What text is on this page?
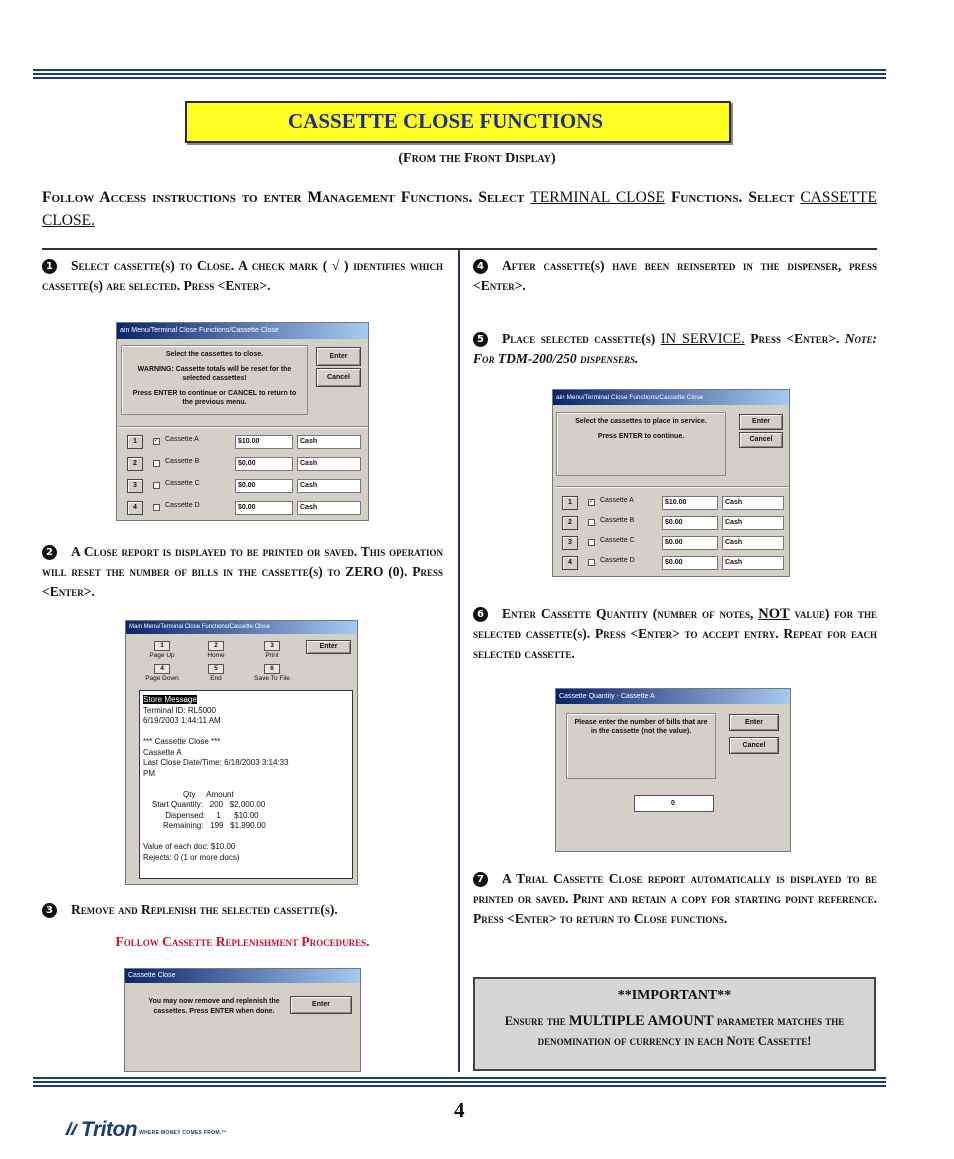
CASSETTE CLOSE FUNCTIONS
(From the Front Display)
Follow Access instructions to enter Management Functions. Select TERMINAL CLOSE Functions. Select CASSETTE CLOSE.
1 Select cassette(s) to Close. A check mark ( √ ) identifies which cassette(s) are selected. Press <Enter>.
ain Menu/Terminal Close Functions/Cassette Close
Select the cassettes to close.
WARNING: Cassette totals will be reset for the selected cassettes!
Press ENTER to continue or CANCEL to return to the previous menu.
Enter
Cancel
1	✓ Cassette A	$10.00	Cash
2	Cassette B	$0.00	Cash
3	Cassette C	$0.00	Cash
4	Cassette D	$0.00	Cash
2 A Close report is displayed to be printed or saved. This operation will reset the number of bills in the cassette(s) to ZERO (0). Press <Enter>.
Main Menu/Terminal Close Functions/Cassette Close
1
Page Up
2
Home
3
Print
4
Page Down
5
End
6
Save To File
Enter
Store Message
Terminal ID: RL5000
6/19/2003 1:44:11 AM

*** Cassette Close ***
Cassette A
Last Close Date/Time: 6/18/2003 3:14:33
PM

Qty     Amount
Start Quantity:   200   $2,000.00
Dispensed:     1      $10.00
Remaining:   199   $1,990.00

Value of each doc: $10.00
Rejects: 0 (1 or more docs)
3 Remove and Replenish the selected cassette(s).
Follow Cassette Replenishment Procedures.
Cassette Close
You may now remove and replenish the cassettes. Press ENTER when done.
Enter
4 After cassette(s) have been reinserted in the dispenser, press <Enter>.
5 Place selected cassette(s) IN SERVICE. Press <Enter>. Note: For TDM-200/250 dispensers.
ain Menu/Terminal Close Functions/Cassette Close
Select the cassettes to place in service.
Press ENTER to continue.
Enter
Cancel
1	✓ Cassette A	$10.00	Cash
2	Cassette B	$0.00	Cash
3	Cassette C	$0.00	Cash
4	Cassette D	$0.00	Cash
6 Enter Cassette Quantity (number of notes, NOT value) for the selected cassette(s). Press <Enter> to accept entry. Repeat for each selected cassette.
Cassette Quantity - Cassette A
Please enter the number of bills that are in the cassette (not the value).
Enter
Cancel
0
7 A Trial Cassette Close report automatically is displayed to be printed or saved. Print and retain a copy for starting point reference. Press <Enter> to return to Close functions.
**IMPORTANT**
Ensure the MULTIPLE AMOUNT parameter matches the denomination of currency in each Note Cassette!
4
Triton WHERE MONEY COMES FROM.™
